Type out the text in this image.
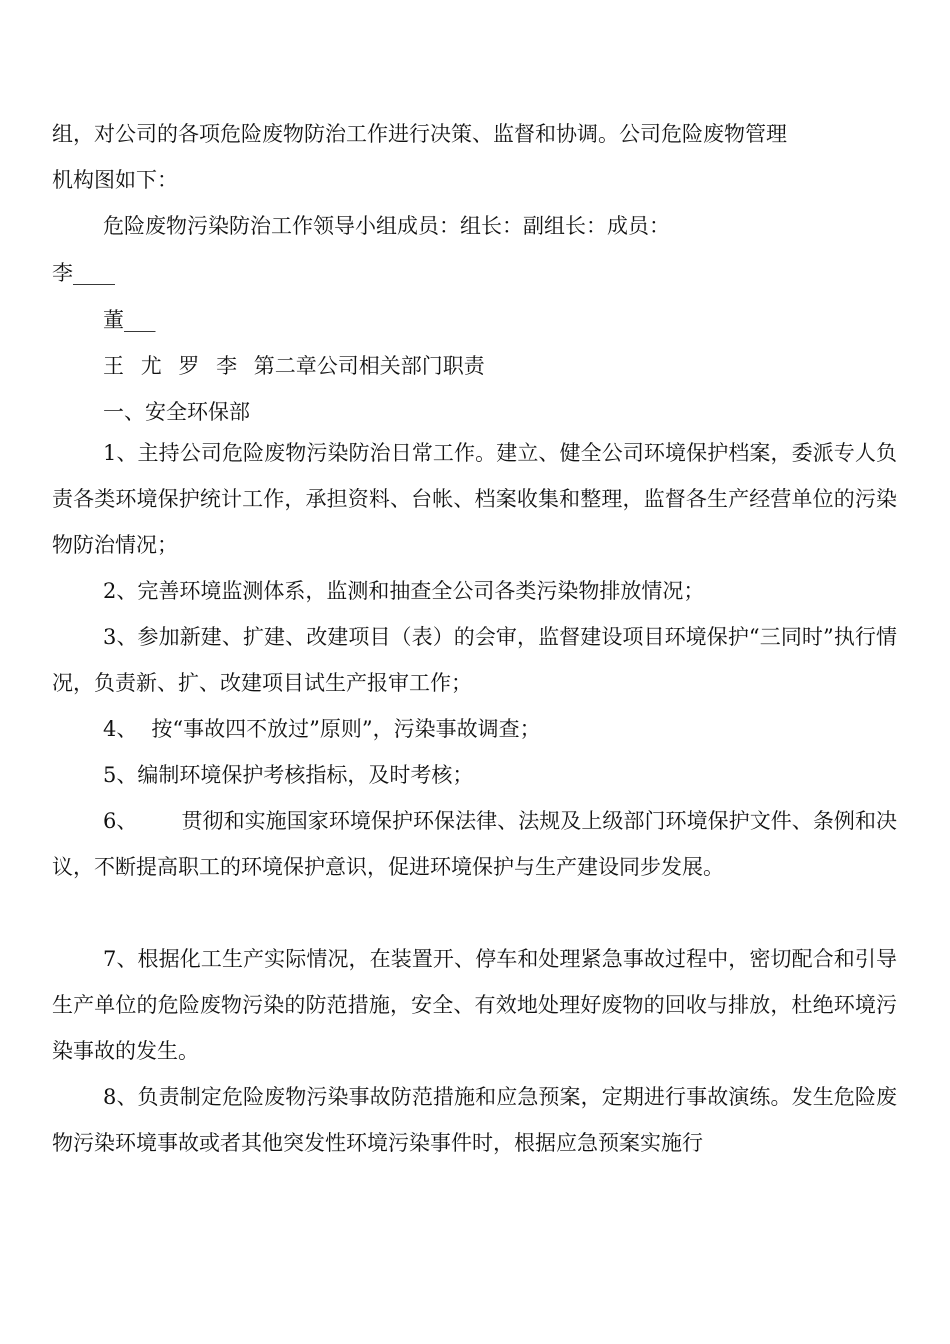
组，对公司的各项危险废物防治工作进行决策、监督和协调。公司危险废物管理
机构图如下：
危险废物污染防治工作领导小组成员：组长：副组长：成员：
李____
董___
王 尤 罗 李 第二章公司相关部门职责
一、安全环保部

1、主持公司危险废物污染防治日常工作。建立、健全公司环境保护档案，委派专人负责各类环境保护统计工作，承担资料、台帐、档案收集和整理，监督各生产经营单位的污染物防治情况；

2、完善环境监测体系，监测和抽查全公司各类污染物排放情况；

3、参加新建、扩建、改建项目（表）的会审，监督建设项目环境保护“三同时”执行情况，负责新、扩、改建项目试生产报审工作；

4、 按“事故四不放过”原则”，污染事故调查；

5、编制环境保护考核指标，及时考核；

6、 贯彻和实施国家环境保护环保法律、法规及上级部门环境保护文件、条例和决议，不断提高职工的环境保护意识，促进环境保护与生产建设同步发展。

7、根据化工生产实际情况，在装置开、停车和处理紧急事故过程中，密切配合和引导生产单位的危险废物污染的防范措施，安全、有效地处理好废物的回收与排放，杜绝环境污染事故的发生。

8、负责制定危险废物污染事故防范措施和应急预案，定期进行事故演练。发生危险废物污染环境事故或者其他突发性环境污染事件时，根据应急预案实施行
